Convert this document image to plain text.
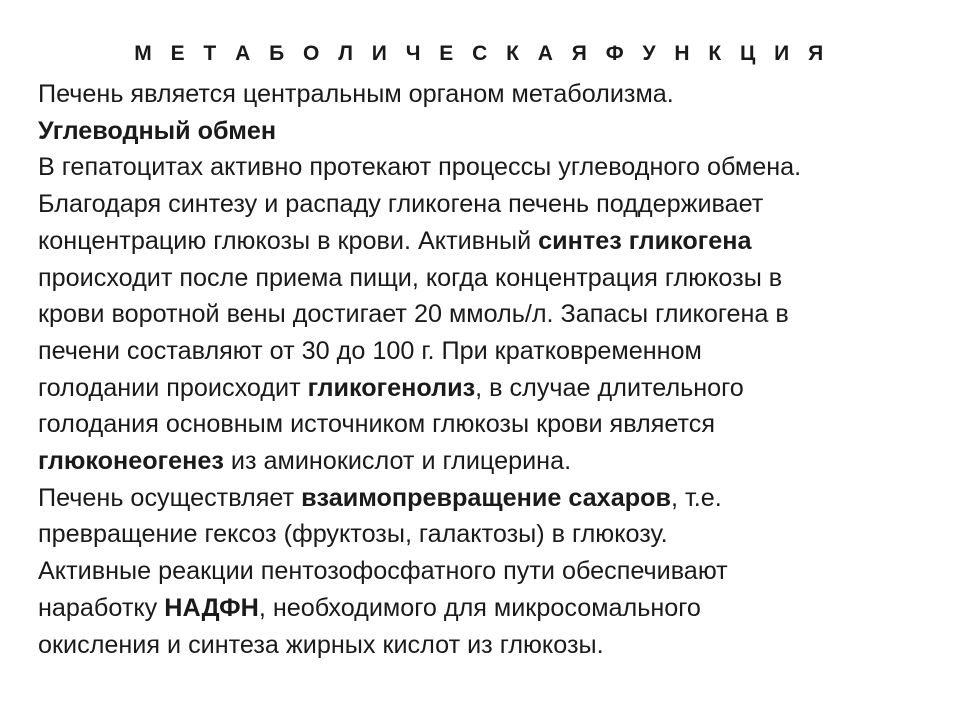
М Е Т А Б О Л И Ч Е С К А Я Ф У Н К Ц И Я
Печень является центральным органом метаболизма.
Углеводный обмен
В гепатоцитах активно протекают процессы углеводного обмена.
Благодаря синтезу и распаду гликогена печень поддерживает
концентрацию глюкозы в крови. Активный синтез гликогена
происходит после приема пищи, когда концентрация глюкозы в
крови воротной вены достигает 20 ммоль/л. Запасы гликогена в
печени составляют от 30 до 100 г. При кратковременном
голодании происходит гликогенолиз, в случае длительного
голодания основным источником глюкозы крови является
глюконеогенез из аминокислот и глицерина.
Печень осуществляет взаимопревращение сахаров, т.е.
превращение гексоз (фруктозы, галактозы) в глюкозу.
Активные реакции пентозофосфатного пути обеспечивают
наработку НАДФН, необходимого для микросомального
окисления и синтеза жирных кислот из глюкозы.
